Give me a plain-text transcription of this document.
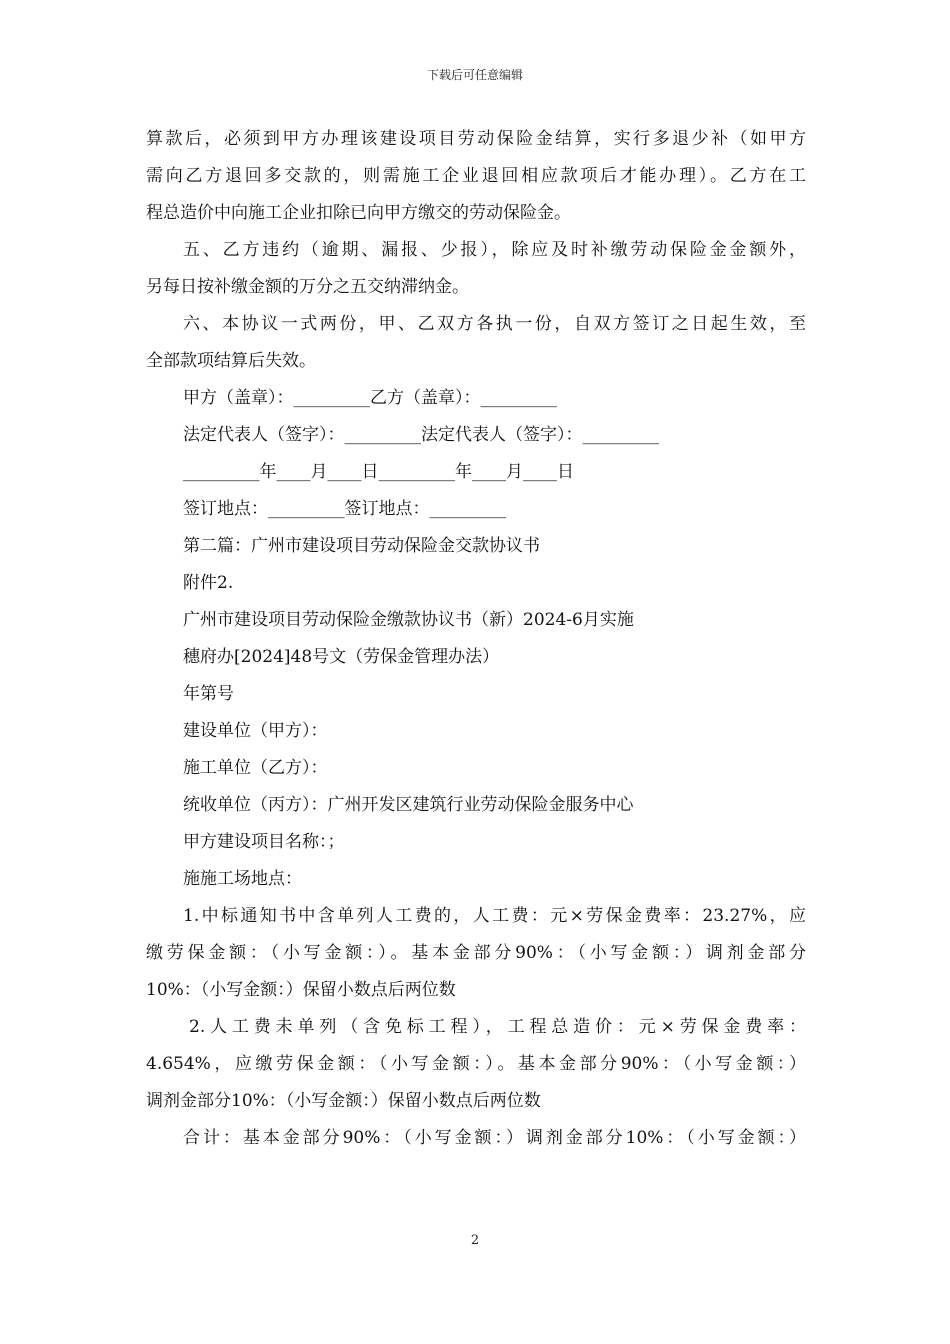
下载后可任意编辑
算款后，必须到甲方办理该建设项目劳动保险金结算，实行多退少补（如甲方
需向乙方退回多交款的，则需施工企业退回相应款项后才能办理）。乙方在工
程总造价中向施工企业扣除已向甲方缴交的劳动保险金。
五、乙方违约（逾期、漏报、少报），除应及时补缴劳动保险金金额外，
另每日按补缴金额的万分之五交纳滞纳金。
六、本协议一式两份，甲、乙双方各执一份，自双方签订之日起生效，至
全部款项结算后失效。
甲方（盖章）：_________乙方（盖章）：_________
法定代表人（签字）：_________法定代表人（签字）：_________
_________年____月____日_________年____月____日
签订地点：_________签订地点：_________
第二篇：广州市建设项目劳动保险金交款协议书
附件2.
广州市建设项目劳动保险金缴款协议书（新）2024-6月实施
穗府办[2024]48号文（劳保金管理办法）
年第号
建设单位（甲方）：
施工单位（乙方）：
统收单位（丙方）：广州开发区建筑行业劳动保险金服务中心
甲方建设项目名称：；
施施工场地点：
1.中标通知书中含单列人工费的，人工费：元×劳保金费率：23.27%，应
缴劳保金额：（小写金额：）。基本金部分90%：（小写金额：）调剂金部分
10%：（小写金额：）保留小数点后两位数
2.人工费未单列（含免标工程），工程总造价：元×劳保金费率：
4.654%，应缴劳保金额：（小写金额：）。基本金部分90%：（小写金额：）
调剂金部分10%：（小写金额：）保留小数点后两位数
合计：基本金部分90%：（小写金额：）调剂金部分10%：（小写金额：）
2
